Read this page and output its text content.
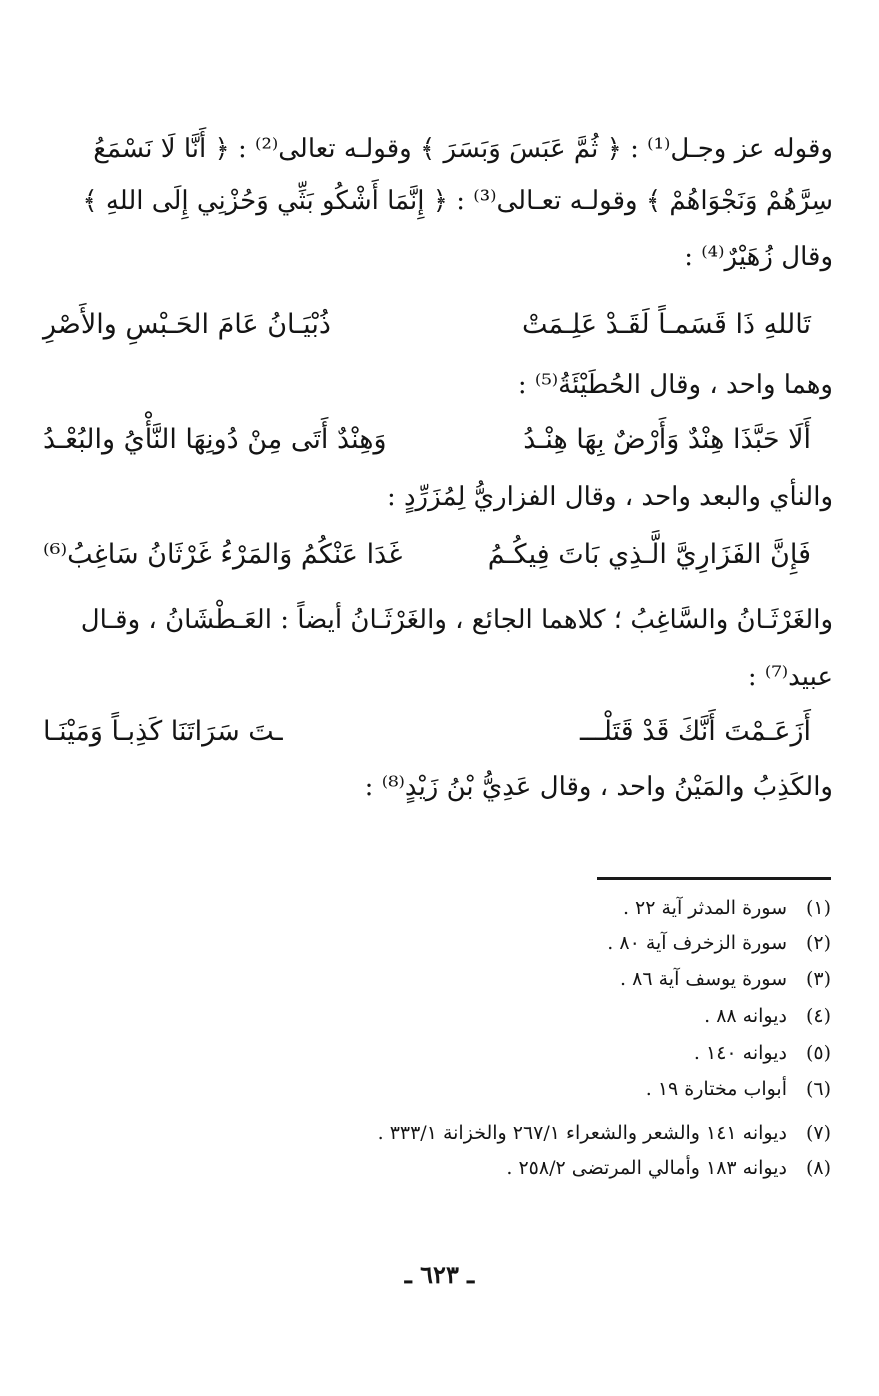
وقوله عز وجـل⁽¹⁾ : ﴿ ثُمَّ عَبَسَ وَبَسَرَ ﴾ وقولـه تعالى⁽²⁾ : ﴿ أَنَّا لَا نَسْمَعُ
سِرَّهُمْ وَنَجْوَاهُمْ ﴾ وقولـه تعـالى⁽³⁾ : ﴿ إِنَّمَا أَشْكُو بَثِّي وَحُزْنِي إِلَى اللهِ ﴾
وقال زُهَيْرٌ⁽⁴⁾ :
تَاللهِ ذَا قَسَمـاً لَقَـدْ عَلِـمَتْ
ذُبْيَـانُ عَامَ الحَـبْسِ والأَصْرِ
وهما واحد ، وقال الحُطَيْئَةُ⁽⁵⁾ :
أَلَا حَبَّذَا هِنْدٌ وَأَرْضٌ بِهَا هِنْـدُ
وَهِنْدٌ أَتَى مِنْ دُونِهَا النَّأْيُ والبُعْـدُ
والنأي والبعد واحد ، وقال الفزاريُّ لِمُزَرِّدٍ :
فَإِنَّ الفَزَارِيَّ الَّـذِي بَاتَ فِيكُـمُ
غَدَا عَنْكُمُ وَالمَرْءُ غَرْثَانُ سَاغِبُ⁽⁶⁾
والغَرْثَـانُ والسَّاغِبُ ؛ كلاهما الجائع ، والغَرْثَـانُ أيضاً : العَـطْشَانُ ، وقـال
عبيد⁽⁷⁾ :
أَزَعَـمْتَ أَنَّكَ قَدْ قَتَلْـــ
ـتَ سَرَاتَنَا كَذِبـاً وَمَيْنَـا
والكَذِبُ والمَيْنُ واحد ، وقال عَدِيُّ بْنُ زَيْدٍ⁽⁸⁾ :
(١)سورة المدثر آية ٢٢ .
(٢)سورة الزخرف آية ٨٠ .
(٣)سورة يوسف آية ٨٦ .
(٤)ديوانه ٨٨ .
(٥)ديوانه ١٤٠ .
(٦)أبواب مختارة ١٩ .
(٧)ديوانه ١٤١ والشعر والشعراء ٢٦٧/١ والخزانة ٣٣٣/١ .
(٨)ديوانه ١٨٣ وأمالي المرتضى ٢٥٨/٢ .
ـ ٦٢٣ ـ
